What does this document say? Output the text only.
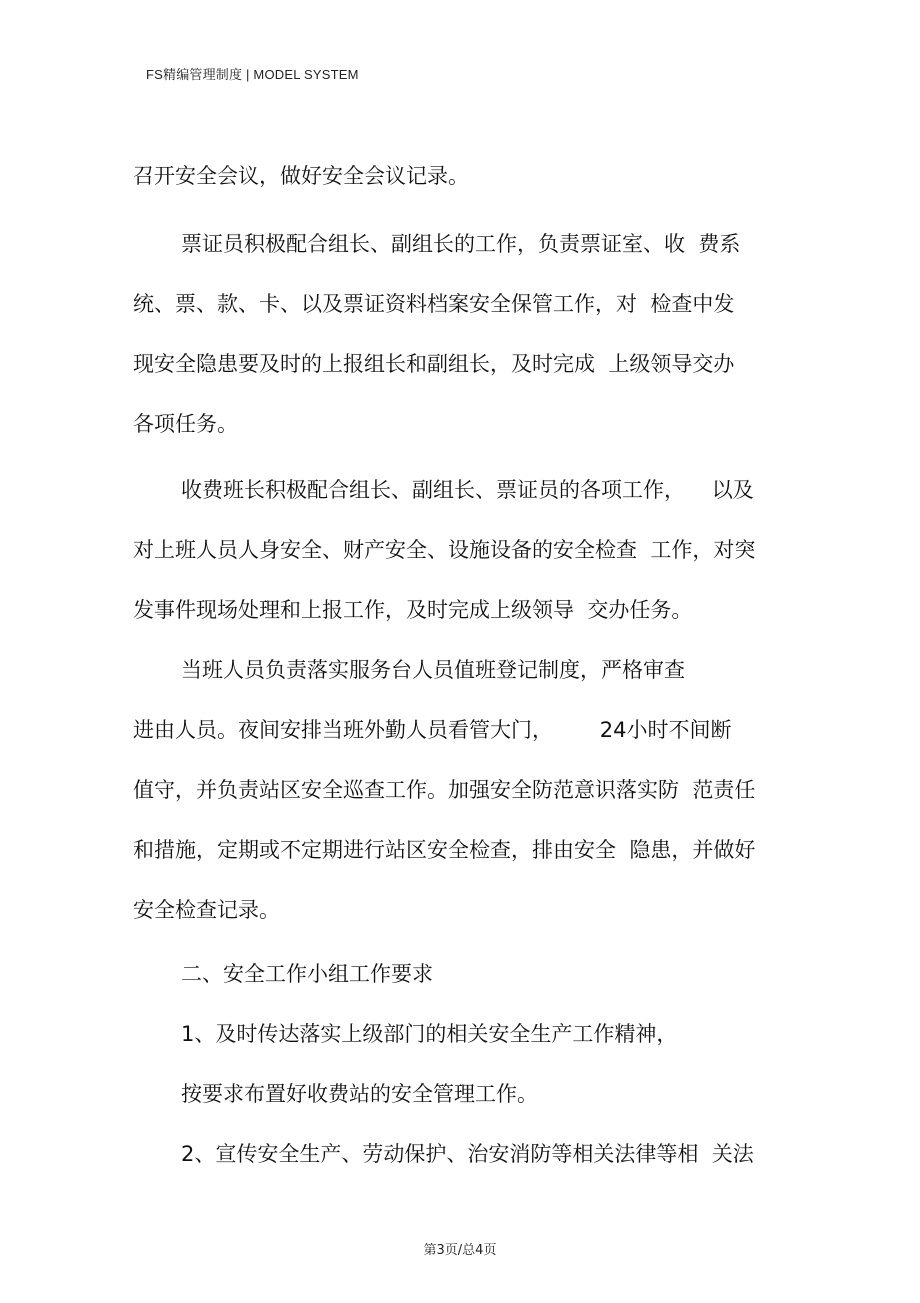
FS精编管理制度 | MODEL SYSTEM
召开安全会议，做好安全会议记录。
票证员积极配合组长、副组长的工作，负责票证室、收  费系
统、票、款、卡、以及票证资料档案安全保管工作，对  检查中发
现安全隐患要及时的上报组长和副组长，及时完成  上级领导交办
各项任务。
收费班长积极配合组长、副组长、票证员的各项工作，    以及
对上班人员人身安全、财产安全、设施设备的安全检查  工作，对突
发事件现场处理和上报工作，及时完成上级领导  交办任务。
当班人员负责落实服务台人员值班登记制度，严格审查
进由人员。夜间安排当班外勤人员看管大门，       24小时不间断
值守，并负责站区安全巡查工作。加强安全防范意识落实防  范责任
和措施，定期或不定期进行站区安全检查，排由安全  隐患，并做好
安全检查记录。
二、安全工作小组工作要求
1、及时传达落实上级部门的相关安全生产工作精神，
按要求布置好收费站的安全管理工作。
2、宣传安全生产、劳动保护、治安消防等相关法律等相  关法
第3页/总4页
